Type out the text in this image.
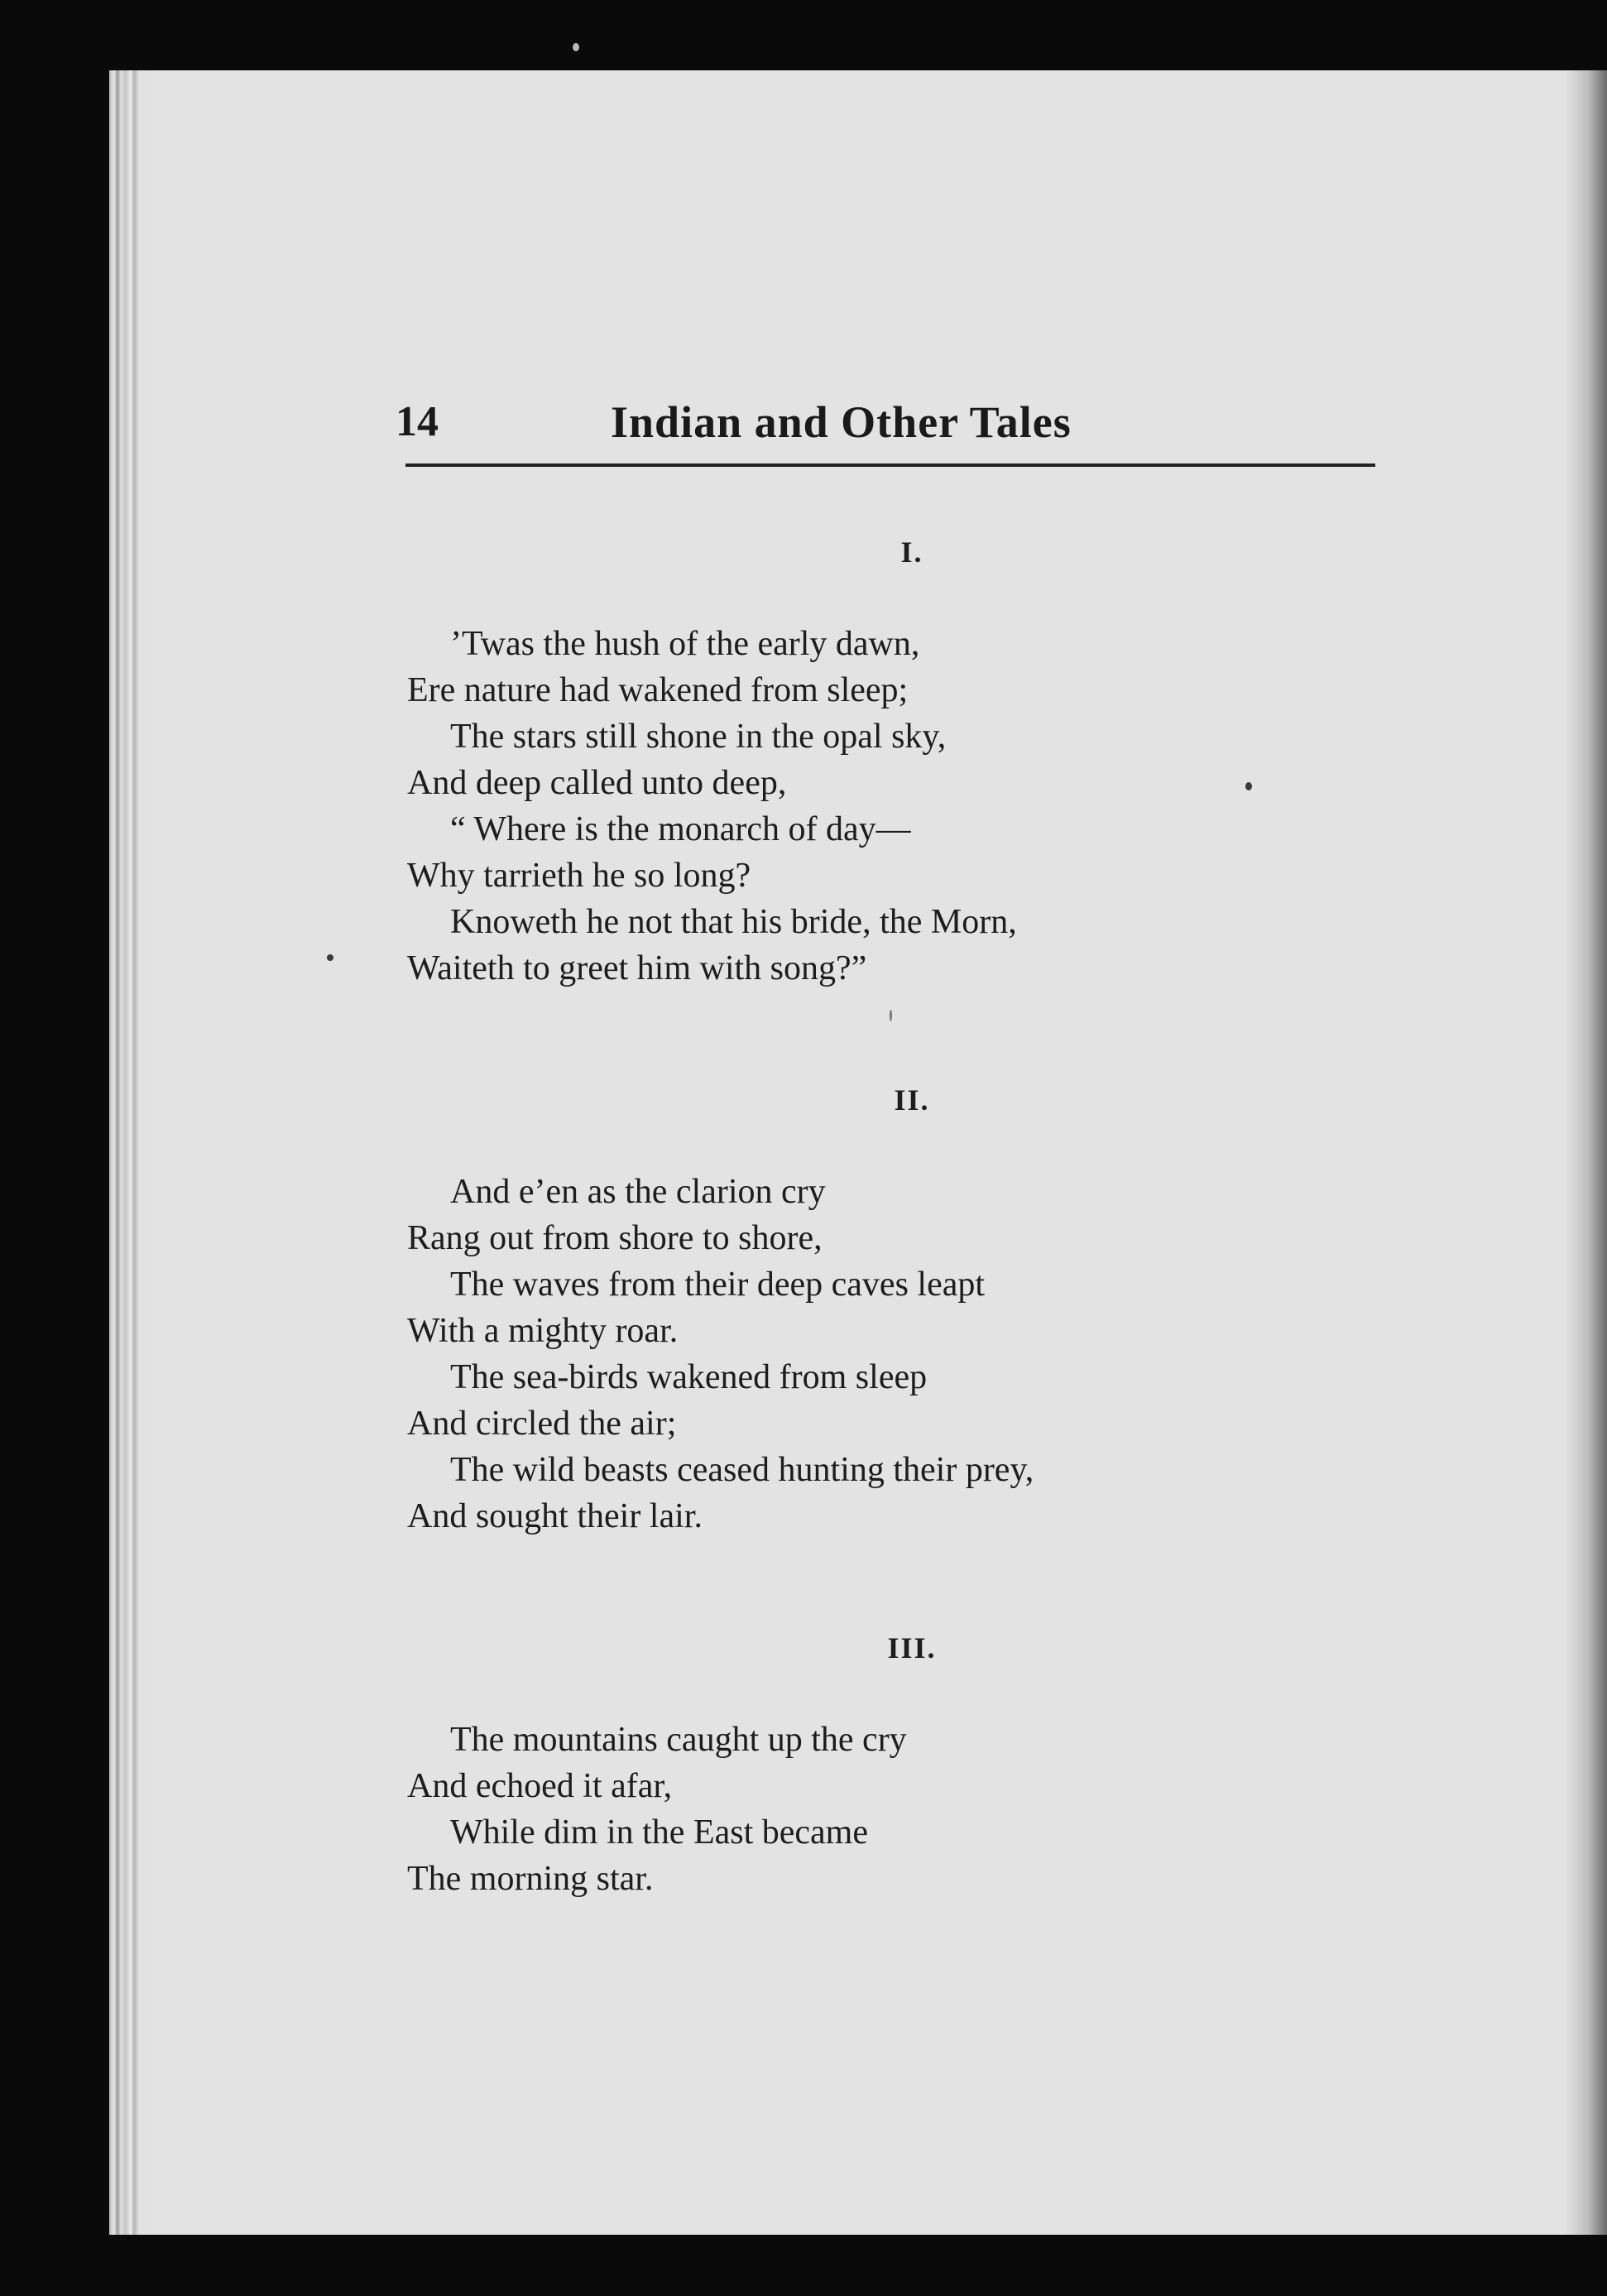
14	Indian and Other Tales
I.
’Twas the hush of the early dawn,
Ere nature had wakened from sleep;
The stars still shone in the opal sky,
And deep called unto deep,
“ Where is the monarch of day—
Why tarrieth he so long?
Knoweth he not that his bride, the Morn,
Waiteth to greet him with song?”
II.
And e’en as the clarion cry
Rang out from shore to shore,
The waves from their deep caves leapt
With a mighty roar.
The sea-birds wakened from sleep
And circled the air;
The wild beasts ceased hunting their prey,
And sought their lair.
III.
The mountains caught up the cry
And echoed it afar,
While dim in the East became
The morning star.
